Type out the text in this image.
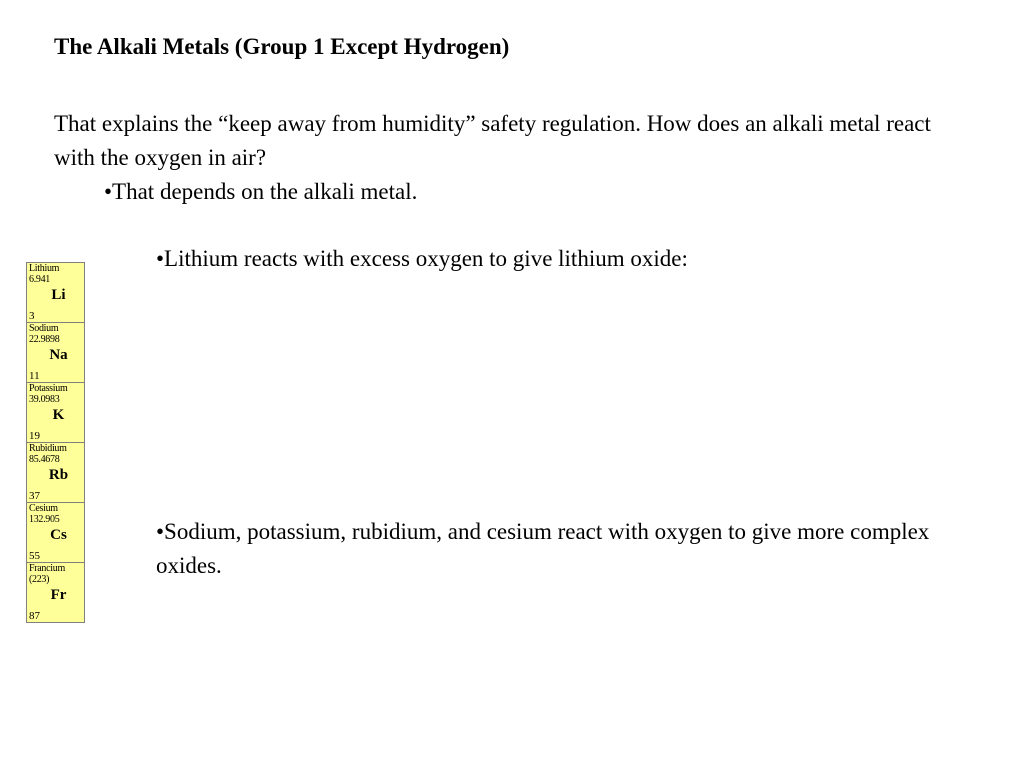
The Alkali Metals (Group 1 Except Hydrogen)
That explains the “keep away from humidity” safety regulation. How does an alkali metal react with the oxygen in air?
•That depends on the alkali metal.
•Lithium reacts with excess oxygen to give lithium oxide:
•Sodium, potassium, rubidium, and cesium react with oxygen to give more complex oxides.
Lithium
6.941
Li
3
Sodium
22.9898
Na
11
Potassium
39.0983
K
19
Rubidium
85.4678
Rb
37
Cesium
132.905
Cs
55
Francium
(223)
Fr
87
